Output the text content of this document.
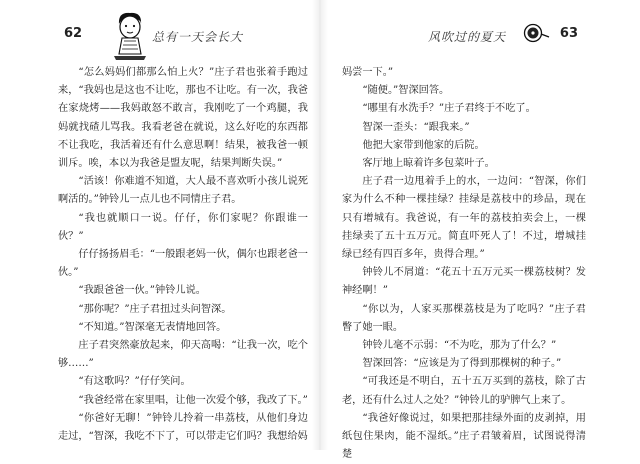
62	总有一天会长大

“怎么妈妈们都那么怕上火？”庄子君也张着手跑过来，“我妈也是这也不让吃，那也不让吃。有一次，我爸在家烧烤——我妈敢怒不敢言，我刚吃了一个鸡腿，我妈就找碴儿骂我。我看老爸在就说，这么好吃的东西都不让我吃，我活着还有什么意思啊！结果，被我爸一顿训斥。唉，本以为我爸是盟友呢，结果判断失误。”

“活该！你难道不知道，大人最不喜欢听小孩儿说死啊活的。”钟铃儿一点儿也不同情庄子君。

“我也就顺口一说。仔仔，你们家呢？你跟谁一伙？”

仔仔扬扬眉毛：“一般跟老妈一伙，偶尔也跟老爸一伙。”

“我跟爸爸一伙。”钟铃儿说。

“那你呢？”庄子君扭过头问智深。

“不知道。”智深毫无表情地回答。

庄子君突然豪放起来，仰天高喝：“让我一次，吃个够……”

“有这歌吗？”仔仔笑问。

“我爸经常在家里唱，让他一次爱个够，我改了下。”

“你爸好无聊！”钟铃儿拎着一串荔枝，从他们身边走过，“智深，我吃不下了，可以带走它们吗？我想给妈

风吹过的夏天	63

妈尝一下。”

“随便。”智深回答。

“哪里有水洗手？”庄子君终于不吃了。

智深一歪头：“跟我来。”

他把大家带到他家的后院。

客厅地上晾着许多包菜叶子。

庄子君一边甩着手上的水，一边问：“智深，你们家为什么不种一棵挂绿？挂绿是荔枝中的珍品，现在只有增城有。我爸说，有一年的荔枝拍卖会上，一棵挂绿卖了五十五万元。简直吓死人了！不过，增城挂绿已经有四百多年，贵得合理。”

钟铃儿不屑道：“花五十五万元买一棵荔枝树？发神经啊！”

“你以为，人家买那棵荔枝是为了吃吗？”庄子君瞥了她一眼。

钟铃儿毫不示弱：“不为吃，那为了什么？”

智深回答：“应该是为了得到那棵树的种子。”

“可我还是不明白，五十五万买到的荔枝，除了古老，还有什么过人之处？”钟铃儿的驴脾气上来了。

“我爸好像说过，如果把那挂绿外面的皮剥掉，用纸包住果肉，能不湿纸。”庄子君皱着眉，试图说得清楚
